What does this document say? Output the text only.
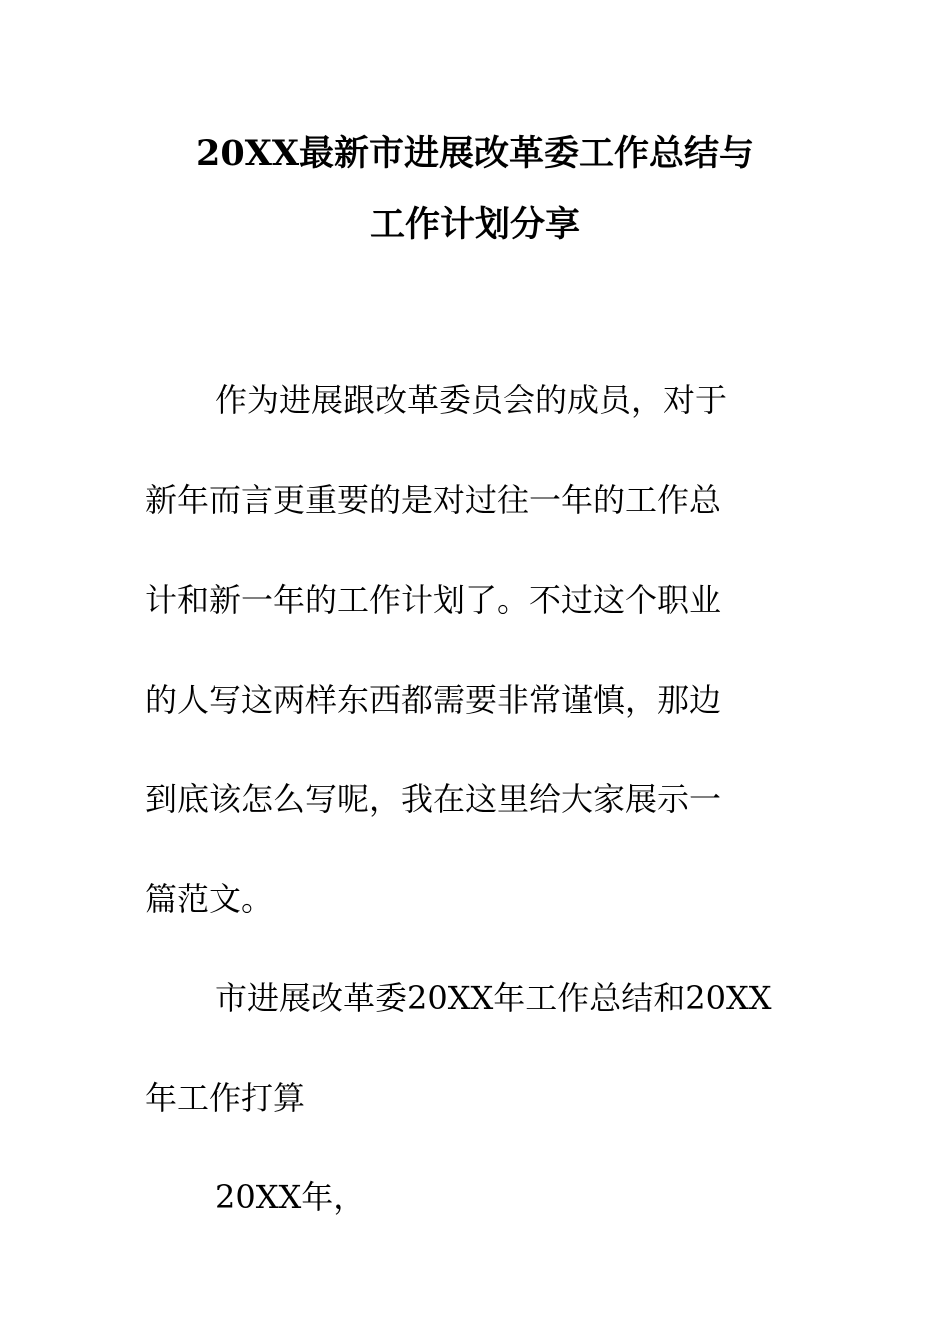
20XX最新市进展改革委工作总结与
工作计划分享
作为进展跟改革委员会的成员，对于
新年而言更重要的是对过往一年的工作总
计和新一年的工作计划了。不过这个职业
的人写这两样东西都需要非常谨慎，那边
到底该怎么写呢，我在这里给大家展示一
篇范文。
市进展改革委20XX年工作总结和20XX
年工作打算
20XX年，
